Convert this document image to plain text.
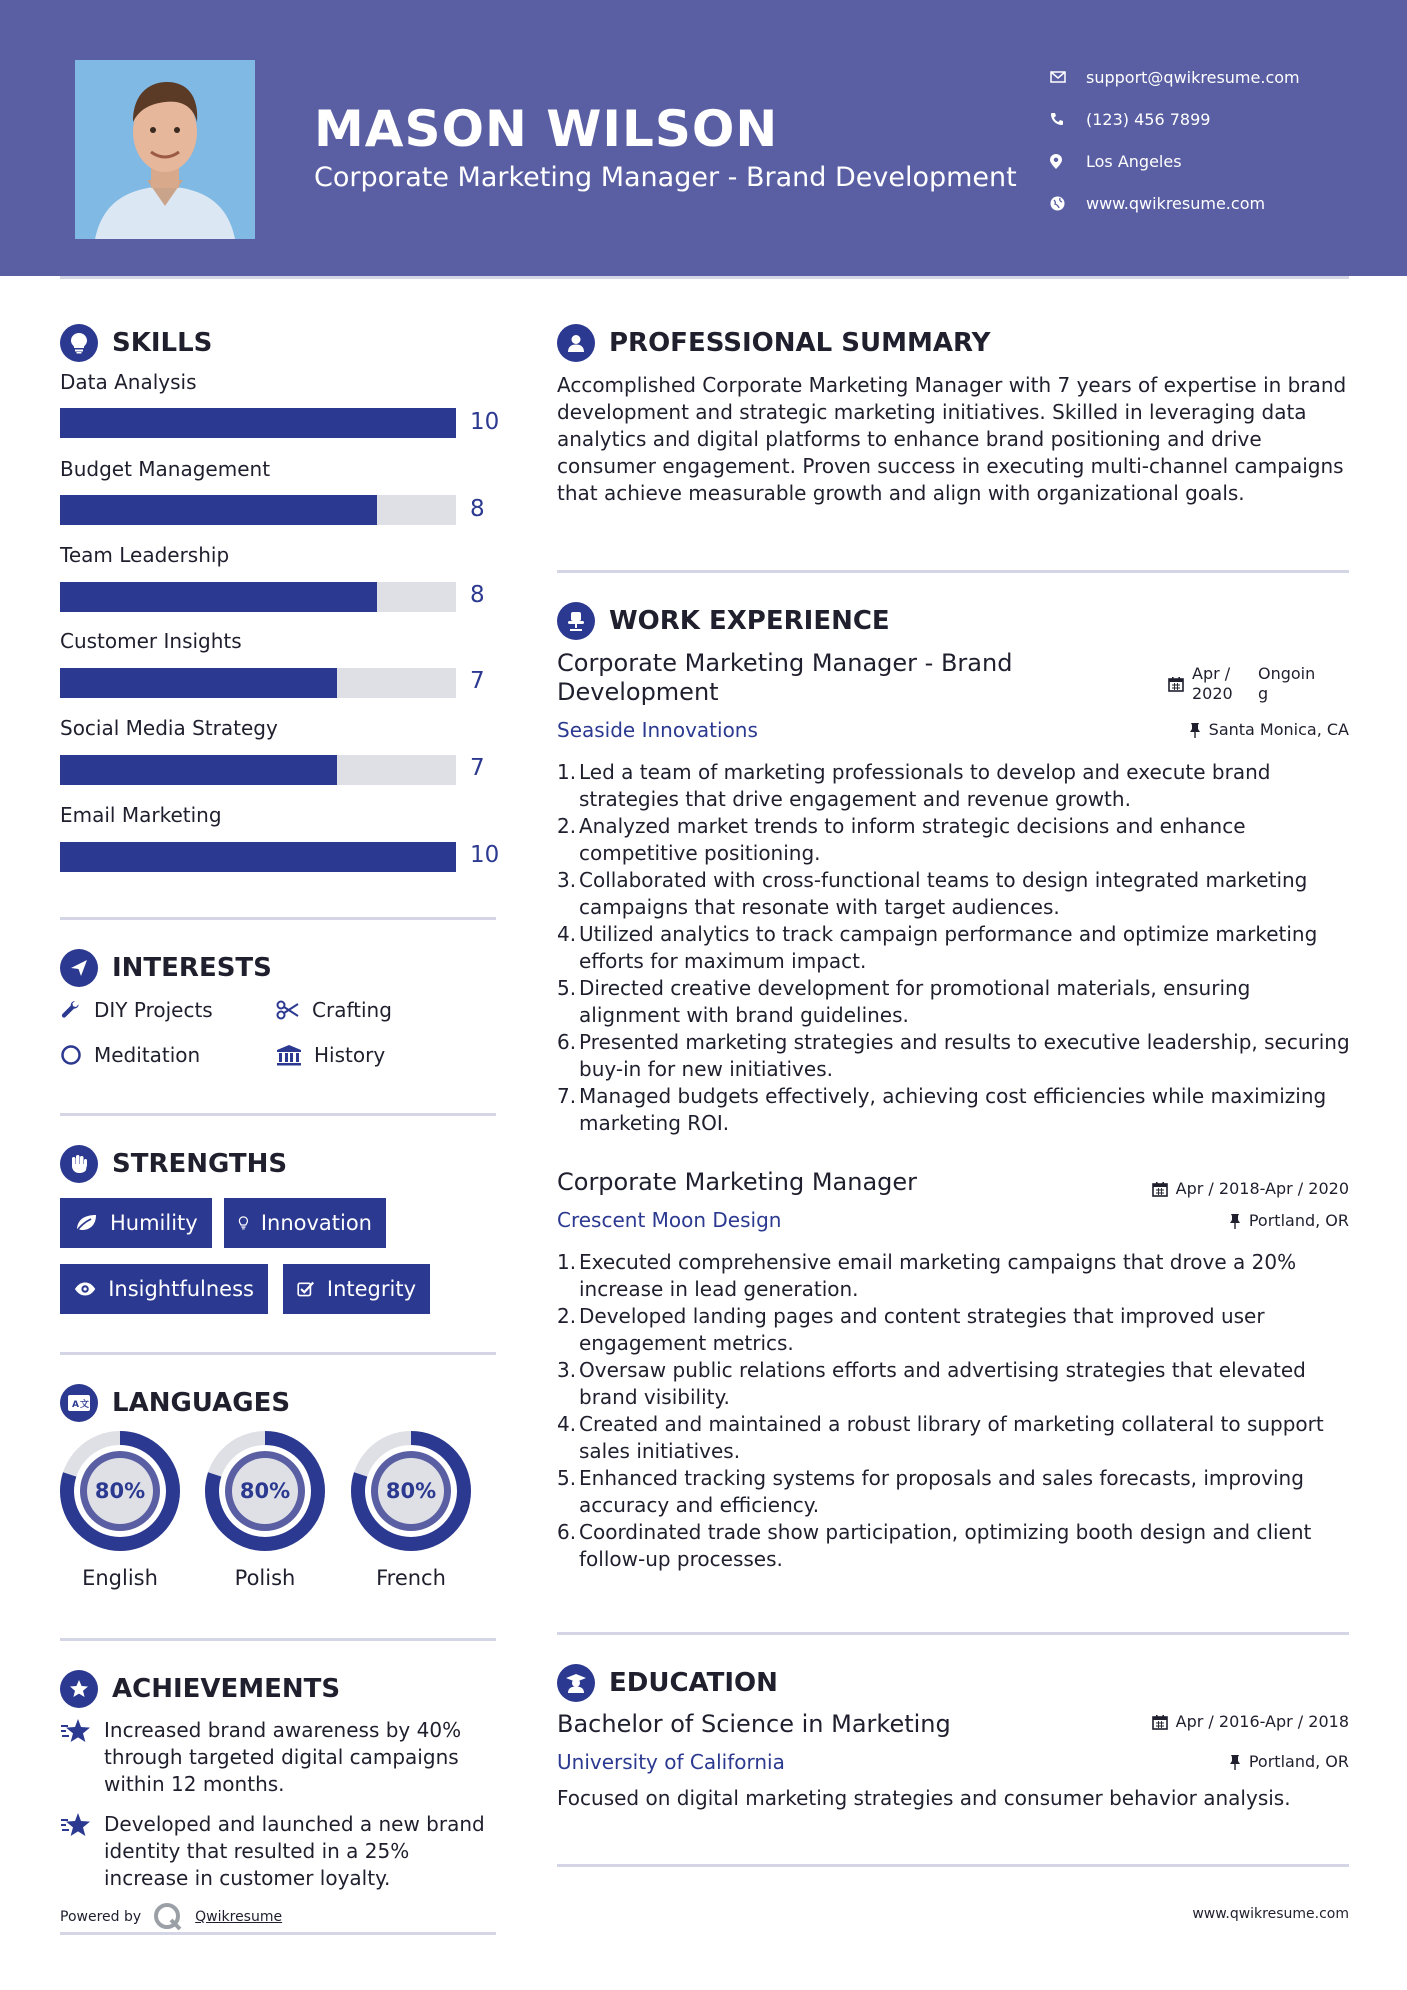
MASON WILSON
Corporate Marketing Manager - Brand Development
support@qwikresume.com
(123) 456 7899
Los Angeles
www.qwikresume.com
SKILLS
Data Analysis
10
Budget Management
8
Team Leadership
8
Customer Insights
7
Social Media Strategy
7
Email Marketing
10
INTERESTS
DIY Projects	Crafting
Meditation	History
STRENGTHS
Humility	Innovation
Insightfulness	Integrity
A 文 LANGUAGES
80%
English
80%
Polish
80%
French
ACHIEVEMENTS
Increased brand awareness by 40% through targeted digital campaigns within 12 months.
Developed and launched a new brand identity that resulted in a 25% increase in customer loyalty.
Powered by	Qwikresume
PROFESSIONAL SUMMARY
Accomplished Corporate Marketing Manager with 7 years of expertise in brand development and strategic marketing initiatives. Skilled in leveraging data analytics and digital platforms to enhance brand positioning and drive consumer engagement. Proven success in executing multi-channel campaigns that achieve measurable growth and align with organizational goals.
WORK EXPERIENCE
Corporate Marketing Manager - Brand Development
Apr / 2020
Ongoing
Seaside Innovations	Santa Monica, CA
1. Led a team of marketing professionals to develop and execute brand strategies that drive engagement and revenue growth.
2. Analyzed market trends to inform strategic decisions and enhance competitive positioning.
3. Collaborated with cross-functional teams to design integrated marketing campaigns that resonate with target audiences.
4. Utilized analytics to track campaign performance and optimize marketing efforts for maximum impact.
5. Directed creative development for promotional materials, ensuring alignment with brand guidelines.
6. Presented marketing strategies and results to executive leadership, securing buy-in for new initiatives.
7. Managed budgets effectively, achieving cost efficiencies while maximizing marketing ROI.
Corporate Marketing Manager	Apr / 2018-Apr / 2020
Crescent Moon Design	Portland, OR
1. Executed comprehensive email marketing campaigns that drove a 20% increase in lead generation.
2. Developed landing pages and content strategies that improved user engagement metrics.
3. Oversaw public relations efforts and advertising strategies that elevated brand visibility.
4. Created and maintained a robust library of marketing collateral to support sales initiatives.
5. Enhanced tracking systems for proposals and sales forecasts, improving accuracy and efficiency.
6. Coordinated trade show participation, optimizing booth design and client follow-up processes.
EDUCATION
Bachelor of Science in Marketing	Apr / 2016-Apr / 2018
University of California	Portland, OR
Focused on digital marketing strategies and consumer behavior analysis.
www.qwikresume.com
